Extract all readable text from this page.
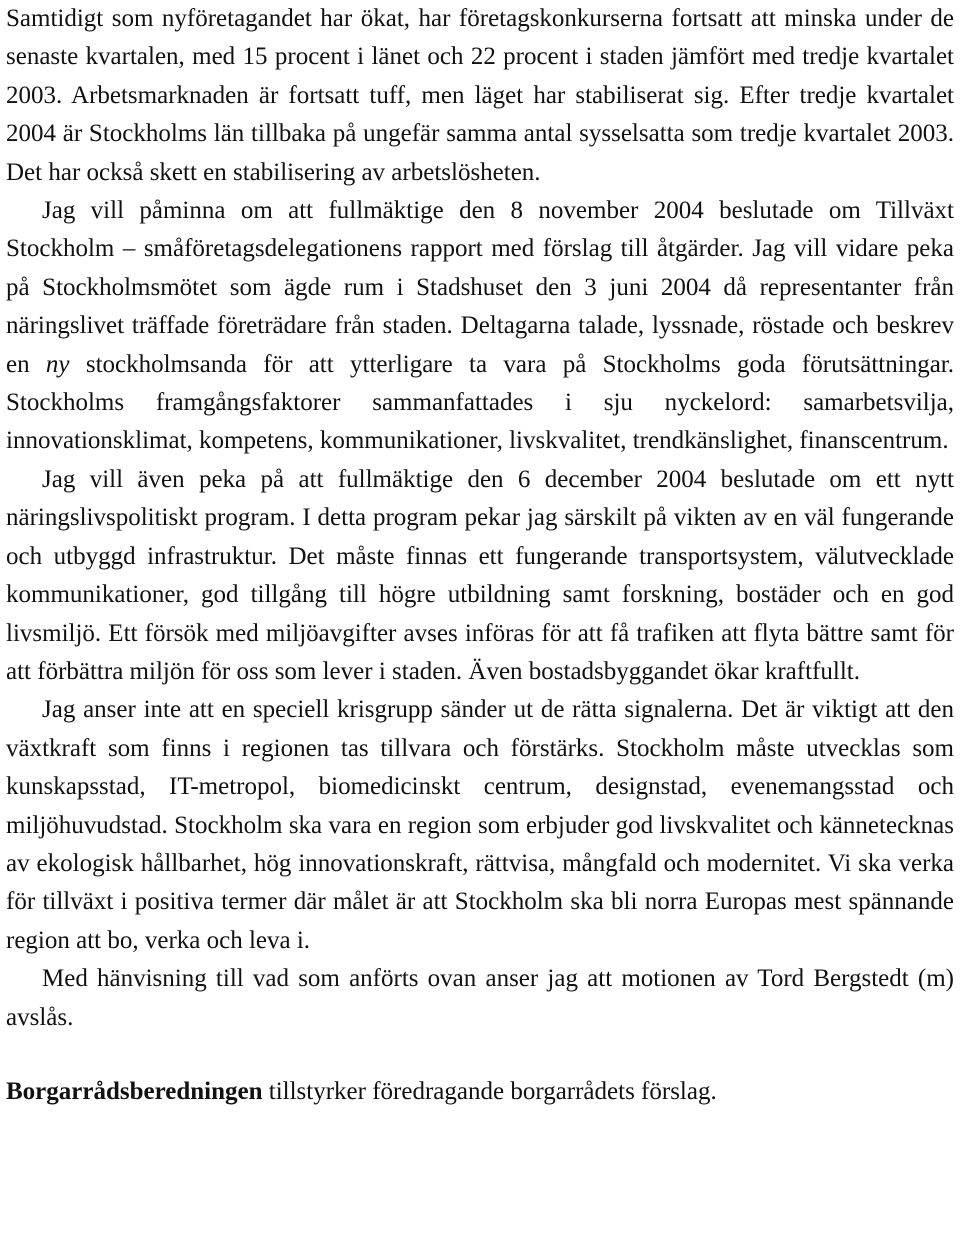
Samtidigt som nyföretagandet har ökat, har företagskonkurserna fortsatt att minska under de senaste kvartalen, med 15 procent i länet och 22 procent i staden jämfört med tredje kvartalet 2003. Arbetsmarknaden är fortsatt tuff, men läget har stabiliserat sig. Efter tredje kvartalet 2004 är Stockholms län tillbaka på ungefär samma antal sysselsatta som tredje kvartalet 2003. Det har också skett en stabilisering av arbetslösheten.

Jag vill påminna om att fullmäktige den 8 november 2004 beslutade om Tillväxt Stockholm – småföretagsdelegationens rapport med förslag till åtgärder. Jag vill vidare peka på Stockholmsmötet som ägde rum i Stadshuset den 3 juni 2004 då representanter från näringslivet träffade företrädare från staden. Deltagarna talade, lyssnade, röstade och beskrev en ny stockholmsanda för att ytterligare ta vara på Stockholms goda förutsättningar. Stockholms framgångsfaktorer sammanfattades i sju nyckelord: samarbetsvilja, innovationsklimat, kompetens, kommunikationer, livskvalitet, trendkänslighet, finanscentrum.

Jag vill även peka på att fullmäktige den 6 december 2004 beslutade om ett nytt näringslivspolitiskt program. I detta program pekar jag särskilt på vikten av en väl fungerande och utbyggd infrastruktur. Det måste finnas ett fungerande transportsystem, välutvecklade kommunikationer, god tillgång till högre utbildning samt forskning, bostäder och en god livsmiljö. Ett försök med miljöavgifter avses införas för att få trafiken att flyta bättre samt för att förbättra miljön för oss som lever i staden. Även bostadsbyggandet ökar kraftfullt.

Jag anser inte att en speciell krisgrupp sänder ut de rätta signalerna. Det är viktigt att den växtkraft som finns i regionen tas tillvara och förstärks. Stockholm måste utvecklas som kunskapsstad, IT-metropol, biomedicinskt centrum, designstad, evenemangsstad och miljöhuvudstad. Stockholm ska vara en region som erbjuder god livskvalitet och kännetecknas av ekologisk hållbarhet, hög innovationskraft, rättvisa, mångfald och modernitet. Vi ska verka för tillväxt i positiva termer där målet är att Stockholm ska bli norra Europas mest spännande region att bo, verka och leva i.

Med hänvisning till vad som anförts ovan anser jag att motionen av Tord Bergstedt (m) avslås.

Borgarrådsberedningen tillstyrker föredragande borgarrådets förslag.
